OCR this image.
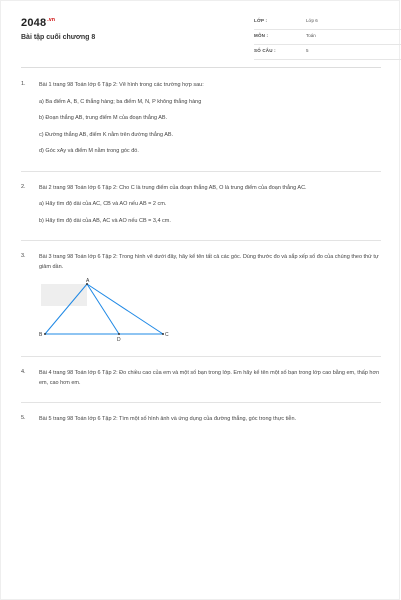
$2048^{.vn}$
Bài tập cuối chương 8
LỚP :	Lớp 6
MÔN :	Toán
SỐ CÂU :	5
1. Bài 1 trang 98 Toán lớp 6 Tập 2: Vẽ hình trong các trường hợp sau:
a) Ba điểm A, B, C thẳng hàng; ba điểm M, N, P không thẳng hàng
b) Đoạn thẳng AB, trung điểm M của đoạn thẳng AB.
c) Đường thẳng AB, điểm K nằm trên đường thẳng AB.
d) Góc xAy và điểm M nằm trong góc đó.
2. Bài 2 trang 98 Toán lớp 6 Tập 2: Cho C là trung điểm của đoạn thẳng AB, O là trung điểm của đoạn thẳng AC.
a) Hãy tìm độ dài của AC, CB và AO nếu AB = 2 cm.
b) Hãy tìm độ dài của AB, AC và AO nếu CB = 3,4 cm.
3. Bài 3 trang 98 Toán lớp 6 Tập 2: Trong hình vẽ dưới đây, hãy kể tên tất cả các góc. Dùng thước đo và sắp xếp số đo của chúng theo thứ tự giảm dần.
A
B
D
C
4. Bài 4 trang 98 Toán lớp 6 Tập 2: Đo chiều cao của em và một số bạn trong lớp. Em hãy kể tên một số bạn trong lớp cao bằng em, thấp hơn em, cao hơn em.
5. Bài 5 trang 98 Toán lớp 6 Tập 2: Tìm một số hình ảnh và ứng dụng của đường thẳng, góc trong thực tiễn.
